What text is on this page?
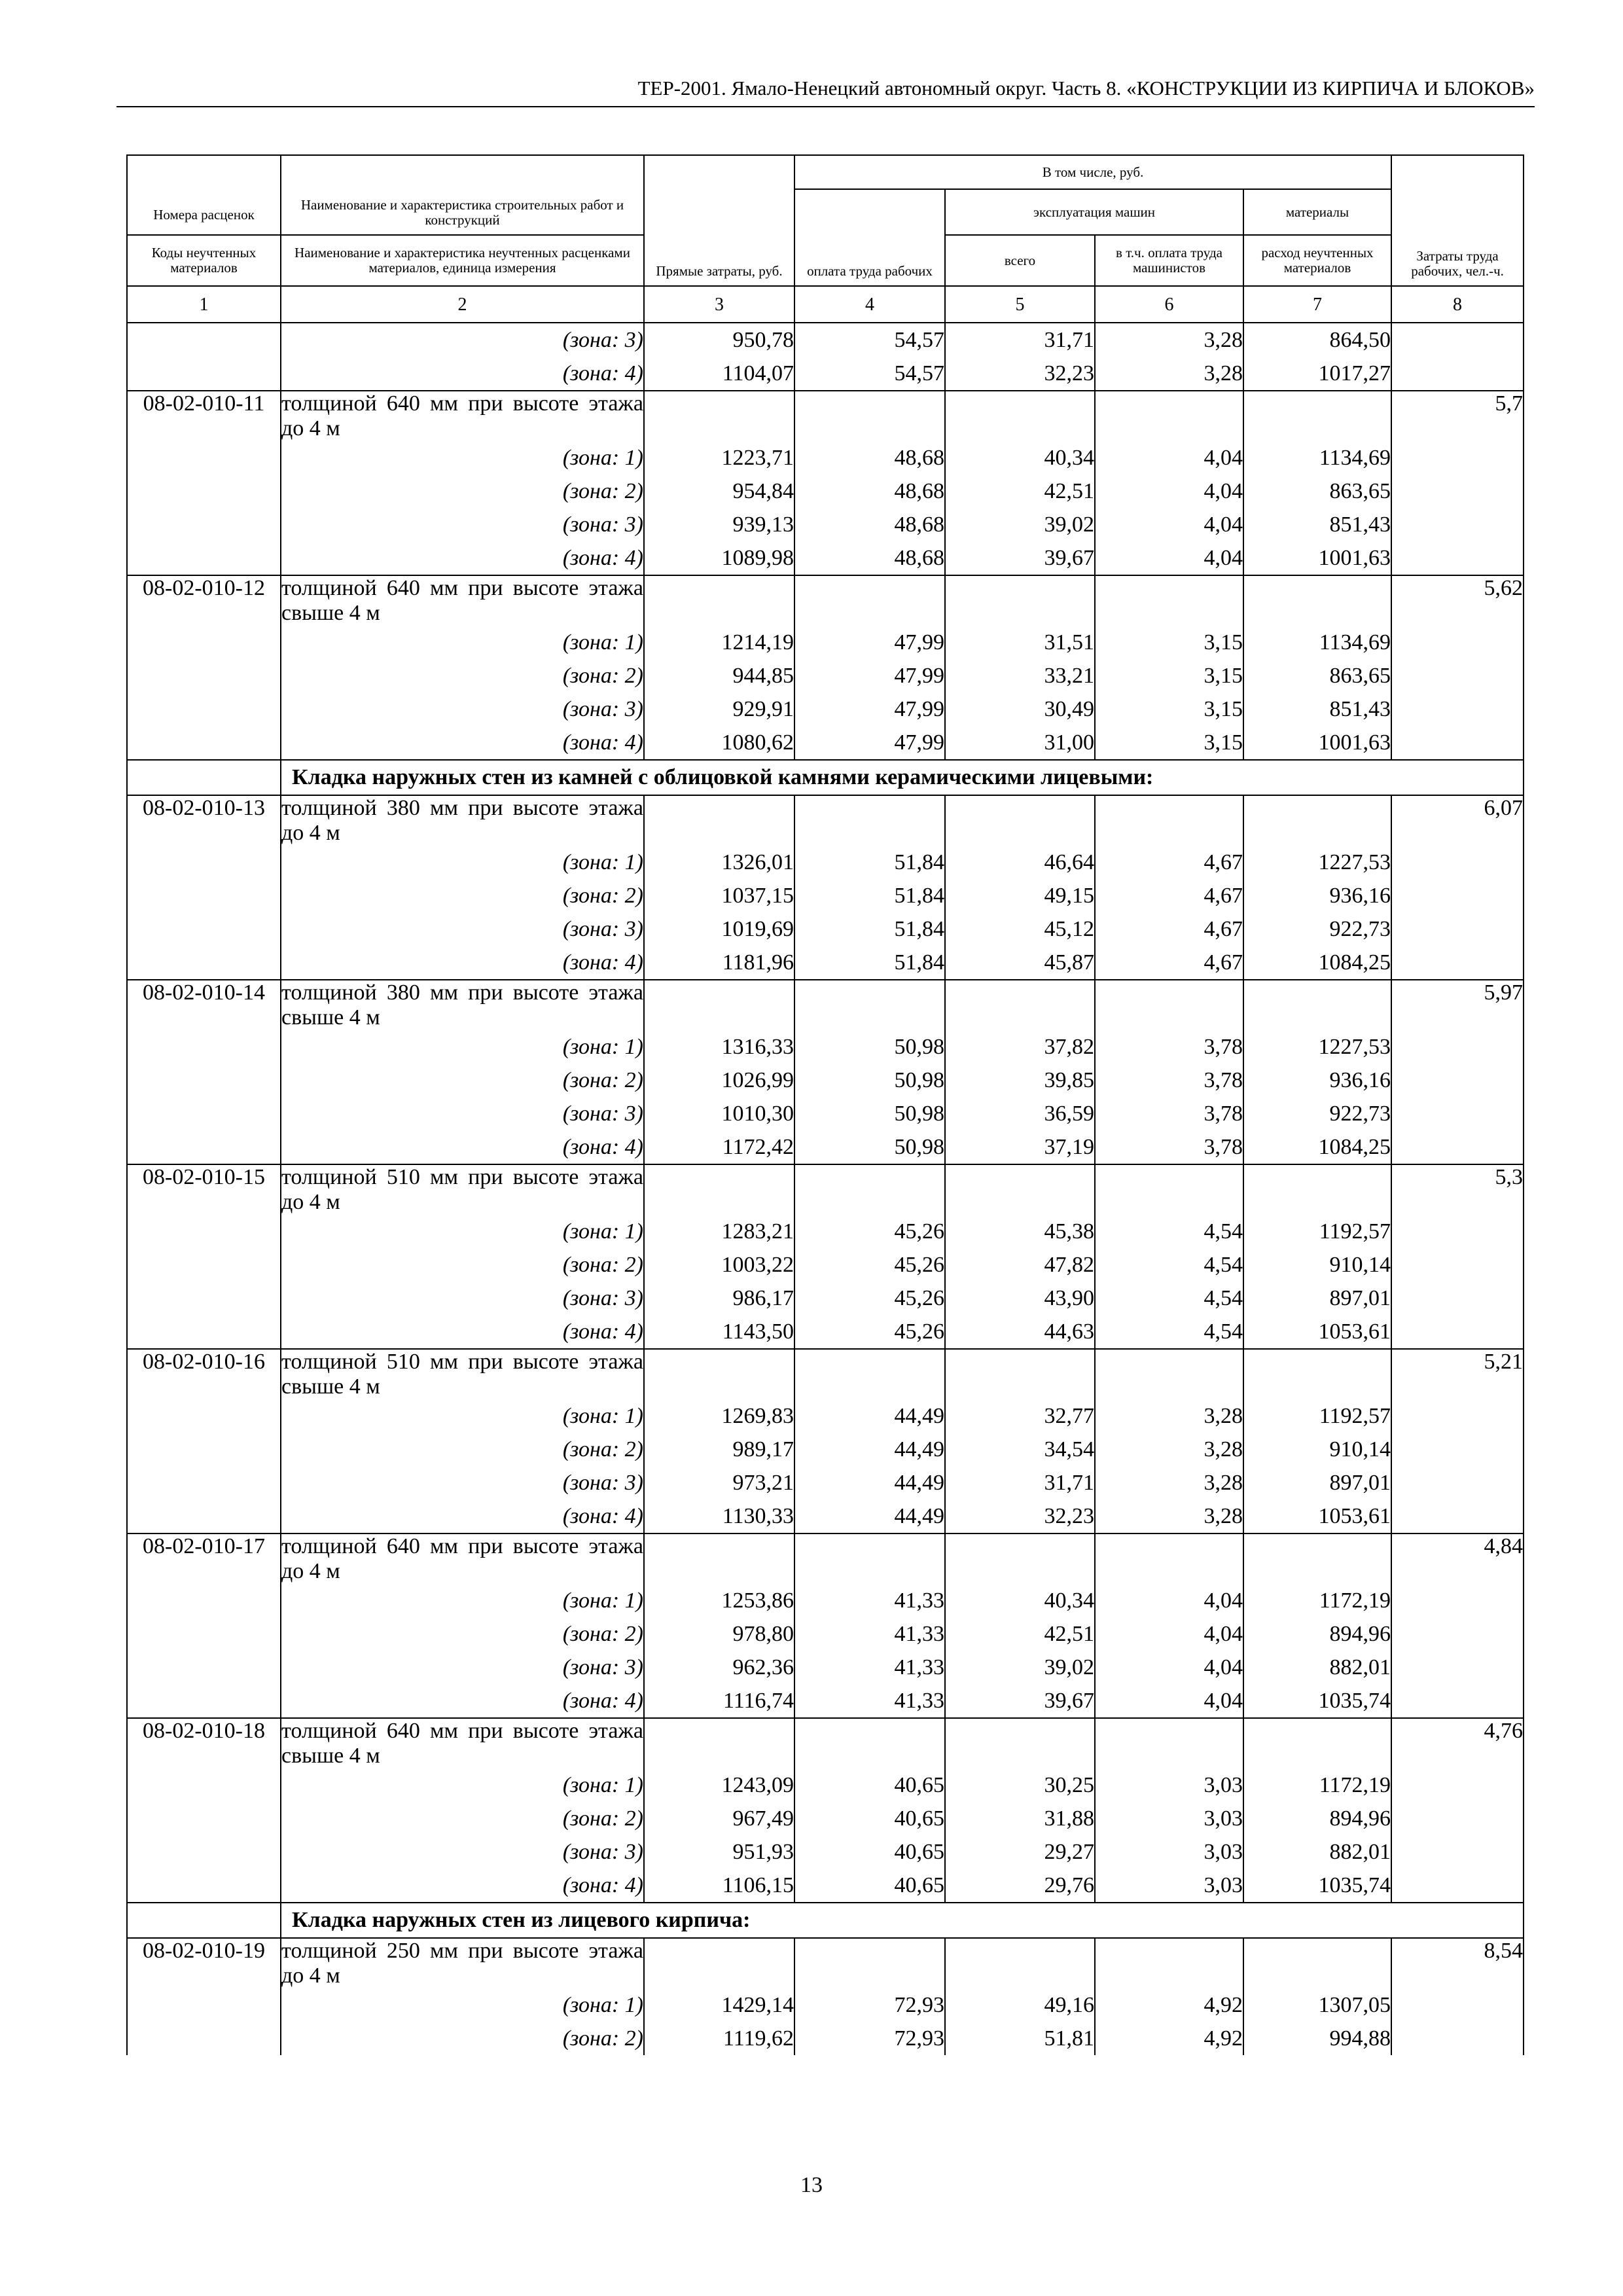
ТЕР-2001. Ямало-Ненецкий автономный округ. Часть 8. «КОНСТРУКЦИИ ИЗ КИРПИЧА И БЛОКОВ»
Номера расценок	Наименование и характеристика строительных работ и конструкций	Прямые затраты, руб.	В том числе, руб.				Затраты труда рабочих, чел.-ч.
			оплата труда рабочих	эксплуатация машин		материалы	
Коды неучтенных материалов	Наименование и характеристика неучтенных расценками материалов, единица измерения			всего	в т.ч. оплата труда машинистов	расход неучтенных материалов	
1	2	3	4	5	6	7	8
	(зона: 3)	950,78	54,57	31,71	3,28	864,50	
	(зона: 4)	1104,07	54,57	32,23	3,28	1017,27	
08-02-010-11	толщиной 640 мм при высоте этажа до 4 м						5,7
	(зона: 1)	1223,71	48,68	40,34	4,04	1134,69	
	(зона: 2)	954,84	48,68	42,51	4,04	863,65	
	(зона: 3)	939,13	48,68	39,02	4,04	851,43	
	(зона: 4)	1089,98	48,68	39,67	4,04	1001,63	
08-02-010-12	толщиной 640 мм при высоте этажа свыше 4 м						5,62
	(зона: 1)	1214,19	47,99	31,51	3,15	1134,69	
	(зона: 2)	944,85	47,99	33,21	3,15	863,65	
	(зона: 3)	929,91	47,99	30,49	3,15	851,43	
	(зона: 4)	1080,62	47,99	31,00	3,15	1001,63	
	Кладка наружных стен из камней с облицовкой камнями керамическими лицевыми:						
08-02-010-13	толщиной 380 мм при высоте этажа до 4 м						6,07
	(зона: 1)	1326,01	51,84	46,64	4,67	1227,53	
	(зона: 2)	1037,15	51,84	49,15	4,67	936,16	
	(зона: 3)	1019,69	51,84	45,12	4,67	922,73	
	(зона: 4)	1181,96	51,84	45,87	4,67	1084,25	
08-02-010-14	толщиной 380 мм при высоте этажа свыше 4 м						5,97
	(зона: 1)	1316,33	50,98	37,82	3,78	1227,53	
	(зона: 2)	1026,99	50,98	39,85	3,78	936,16	
	(зона: 3)	1010,30	50,98	36,59	3,78	922,73	
	(зона: 4)	1172,42	50,98	37,19	3,78	1084,25	
08-02-010-15	толщиной 510 мм при высоте этажа до 4 м						5,3
	(зона: 1)	1283,21	45,26	45,38	4,54	1192,57	
	(зона: 2)	1003,22	45,26	47,82	4,54	910,14	
	(зона: 3)	986,17	45,26	43,90	4,54	897,01	
	(зона: 4)	1143,50	45,26	44,63	4,54	1053,61	
08-02-010-16	толщиной 510 мм при высоте этажа свыше 4 м						5,21
	(зона: 1)	1269,83	44,49	32,77	3,28	1192,57	
	(зона: 2)	989,17	44,49	34,54	3,28	910,14	
	(зона: 3)	973,21	44,49	31,71	3,28	897,01	
	(зона: 4)	1130,33	44,49	32,23	3,28	1053,61	
08-02-010-17	толщиной 640 мм при высоте этажа до 4 м						4,84
	(зона: 1)	1253,86	41,33	40,34	4,04	1172,19	
	(зона: 2)	978,80	41,33	42,51	4,04	894,96	
	(зона: 3)	962,36	41,33	39,02	4,04	882,01	
	(зона: 4)	1116,74	41,33	39,67	4,04	1035,74	
08-02-010-18	толщиной 640 мм при высоте этажа свыше 4 м						4,76
	(зона: 1)	1243,09	40,65	30,25	3,03	1172,19	
	(зона: 2)	967,49	40,65	31,88	3,03	894,96	
	(зона: 3)	951,93	40,65	29,27	3,03	882,01	
	(зона: 4)	1106,15	40,65	29,76	3,03	1035,74	
	Кладка наружных стен из лицевого кирпича:						
08-02-010-19	толщиной 250 мм при высоте этажа до 4 м						8,54
	(зона: 1)	1429,14	72,93	49,16	4,92	1307,05	
	(зона: 2)	1119,62	72,93	51,81	4,92	994,88	
13
